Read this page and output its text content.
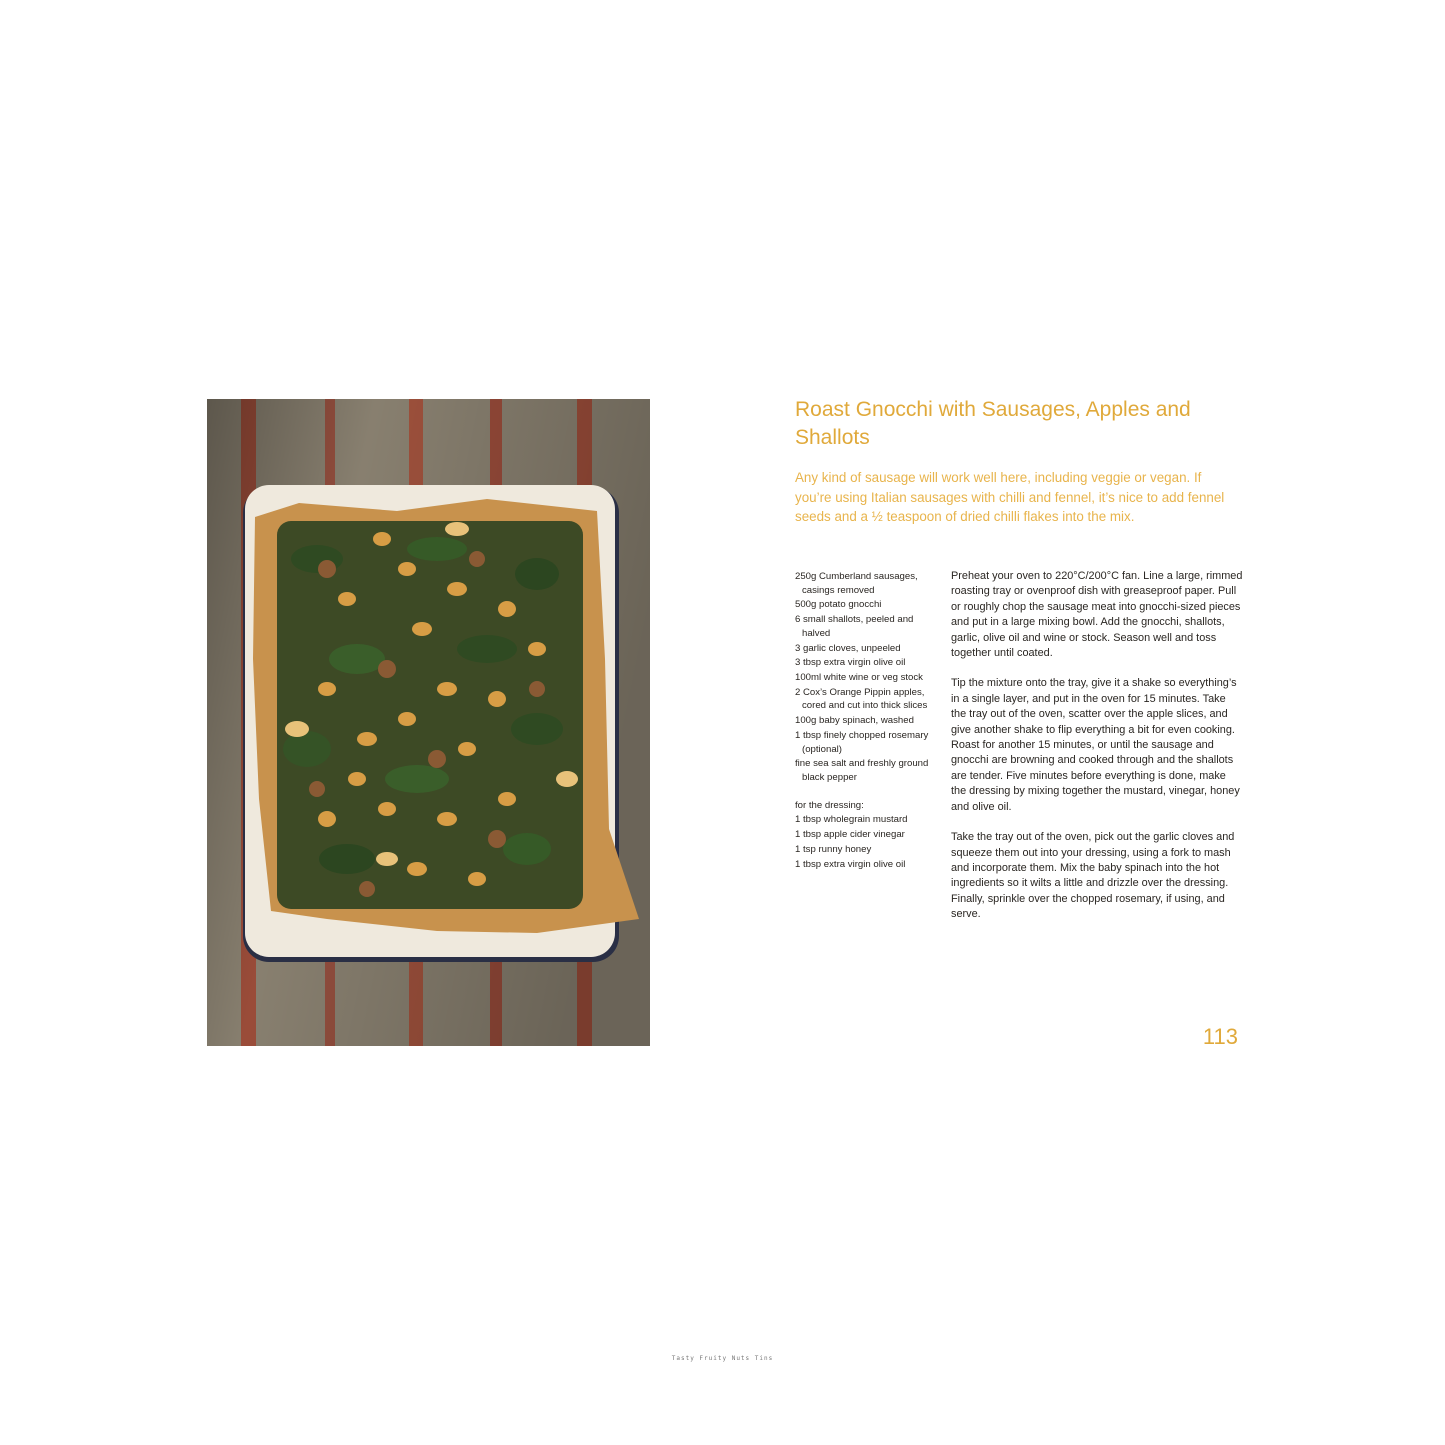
Roast Gnocchi with Sausages, Apples and Shallots

Any kind of sausage will work well here, including veggie or vegan. If you’re using Italian sausages with chilli and fennel, it’s nice to add fennel seeds and a ½ teaspoon of dried chilli flakes into the mix.

250g Cumberland sausages, casings removed
500g potato gnocchi
6 small shallots, peeled and halved
3 garlic cloves, unpeeled
3 tbsp extra virgin olive oil
100ml white wine or veg stock
2 Cox’s Orange Pippin apples, cored and cut into thick slices
100g baby spinach, washed
1 tbsp finely chopped rosemary (optional)
fine sea salt and freshly ground black pepper
for the dressing:
1 tbsp wholegrain mustard
1 tbsp apple cider vinegar
1 tsp runny honey
1 tbsp extra virgin olive oil

Preheat your oven to 220°C/200°C fan. Line a large, rimmed roasting tray or ovenproof dish with greaseproof paper. Pull or roughly chop the sausage meat into gnocchi-sized pieces and put in a large mixing bowl. Add the gnocchi, shallots, garlic, olive oil and wine or stock. Season well and toss together until coated.

Tip the mixture onto the tray, give it a shake so everything’s in a single layer, and put in the oven for 15 minutes. Take the tray out of the oven, scatter over the apple slices, and give another shake to flip everything a bit for even cooking. Roast for another 15 minutes, or until the sausage and gnocchi are browning and cooked through and the shallots are tender. Five minutes before everything is done, make the dressing by mixing together the mustard, vinegar, honey and olive oil.

Take the tray out of the oven, pick out the garlic cloves and squeeze them out into your dressing, using a fork to mash and incorporate them. Mix the baby spinach into the hot ingredients so it wilts a little and drizzle over the dressing. Finally, sprinkle over the chopped rosemary, if using, and serve.

113
Tasty Fruity Nuts Tins
